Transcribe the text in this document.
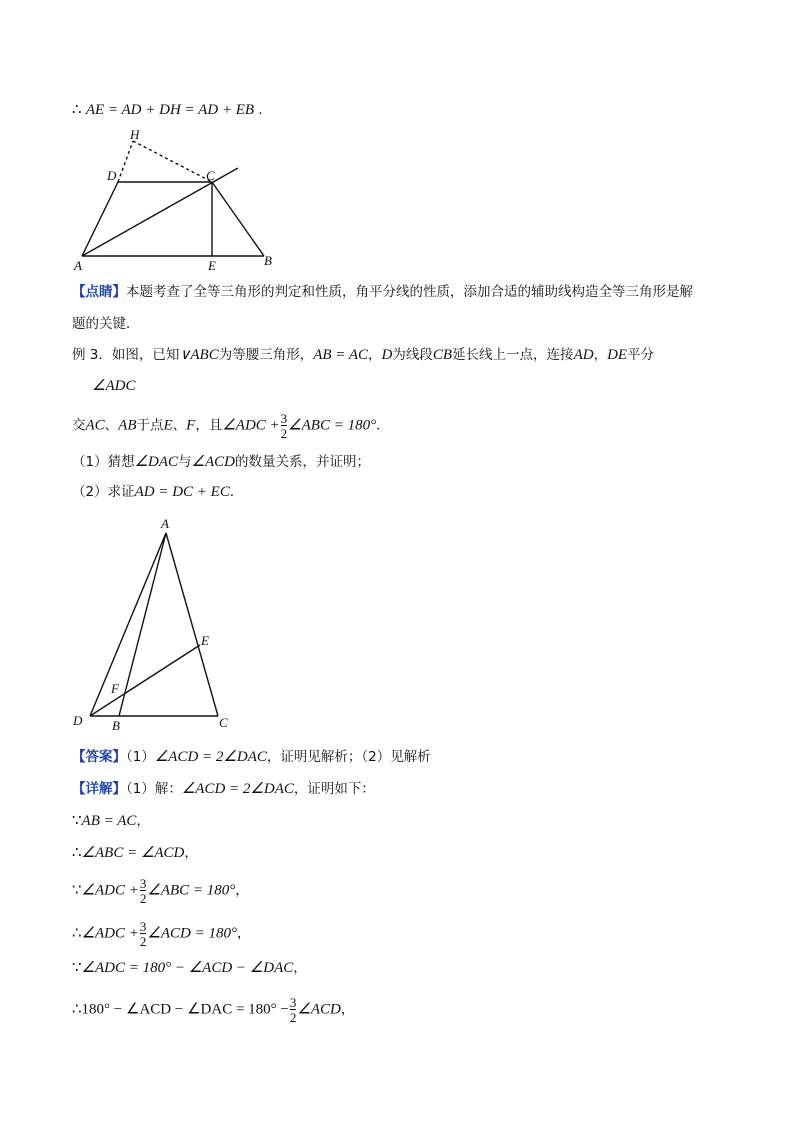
∴ AE = AD + DH = AD + EB ．
H
D	C
A	E	B
【点睛】本题考查了全等三角形的判定和性质，角平分线的性质，添加合适的辅助线构造全等三角形是解
题的关键．
例 3．如图，已知∨ABC为等腰三角形，AB = AC，D为线段CB延长线上一点，连接AD，DE平分
∠ADC
交AC、AB于点E、F，且∠ADC + $\frac{3}{2}$ ∠ABC = 180°．
（1）猜想∠DAC与∠ACD的数量关系，并证明；
（2）求证AD = DC + EC．
A
E
F
D B	C
【答案】（1）∠ACD = 2∠DAC，证明见解析；（2）见解析
【详解】（1）解：∠ACD = 2∠DAC，证明如下：
∵AB = AC，
∴∠ABC = ∠ACD，
∵∠ADC + $\frac{3}{2}$ ∠ABC = 180°，
∴∠ADC + $\frac{3}{2}$ ∠ACD = 180°，
∵∠ADC = 180° − ∠ACD − ∠DAC，
∴180° − ∠ACD − ∠DAC = $180^\circ - \frac{3}{2}$ ∠ACD，
